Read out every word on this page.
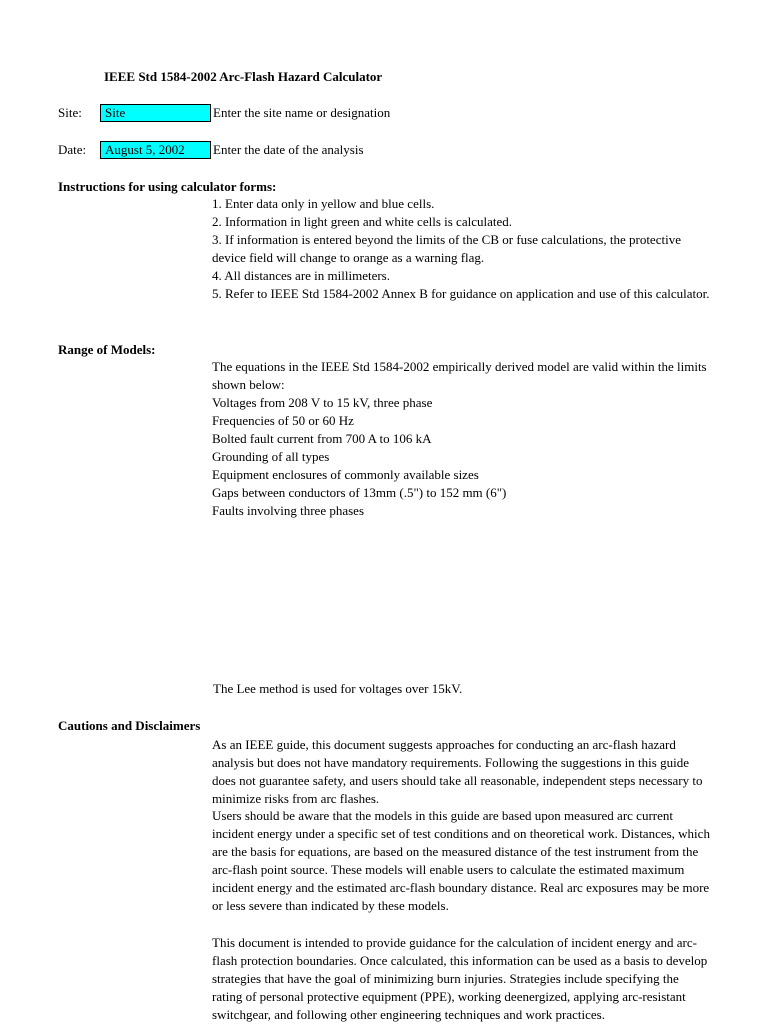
IEEE Std 1584-2002 Arc-Flash Hazard Calculator
Site:	Site	Enter the site name or designation
Date:	August 5, 2002	Enter the date of the analysis
Instructions for using calculator forms:
1. Enter data only in yellow and blue cells.
2. Information in light green and white cells is calculated.
3. If information is entered beyond the limits of the CB or fuse calculations, the protective device field will change to orange as a warning flag.
4. All distances are in millimeters.
5. Refer to IEEE Std 1584-2002 Annex B for guidance on application and use of this calculator.
Range of Models:
The equations in the IEEE Std 1584-2002 empirically derived model are valid within the limits shown below:
Voltages from 208 V to 15 kV, three phase
Frequencies of 50 or 60 Hz
Bolted fault current from 700 A to 106 kA
Grounding of all types
Equipment enclosures of commonly available sizes
Gaps between conductors of 13mm (.5") to 152 mm (6")
Faults involving three phases
The Lee method is used for voltages over 15kV.
Cautions and Disclaimers
As an IEEE guide, this document suggests approaches for conducting an arc-flash hazard analysis but does not have mandatory requirements. Following the suggestions in this guide does not guarantee safety, and users should take all reasonable, independent steps necessary to minimize risks from arc flashes.
Users should be aware that the models in this guide are based upon measured arc current incident energy under a specific set of test conditions and on theoretical work. Distances, which are the basis for equations, are based on the measured distance of the test instrument from the arc-flash point source. These models will enable users to calculate the estimated maximum incident energy and the estimated arc-flash boundary distance. Real arc exposures may be more or less severe than indicated by these models.
This document is intended to provide guidance for the calculation of incident energy and arc-flash protection boundaries. Once calculated, this information can be used as a basis to develop strategies that have the goal of minimizing burn injuries. Strategies include specifying the rating of personal protective equipment (PPE), working deenergized, applying arc-resistant switchgear, and following other engineering techniques and work practices.
